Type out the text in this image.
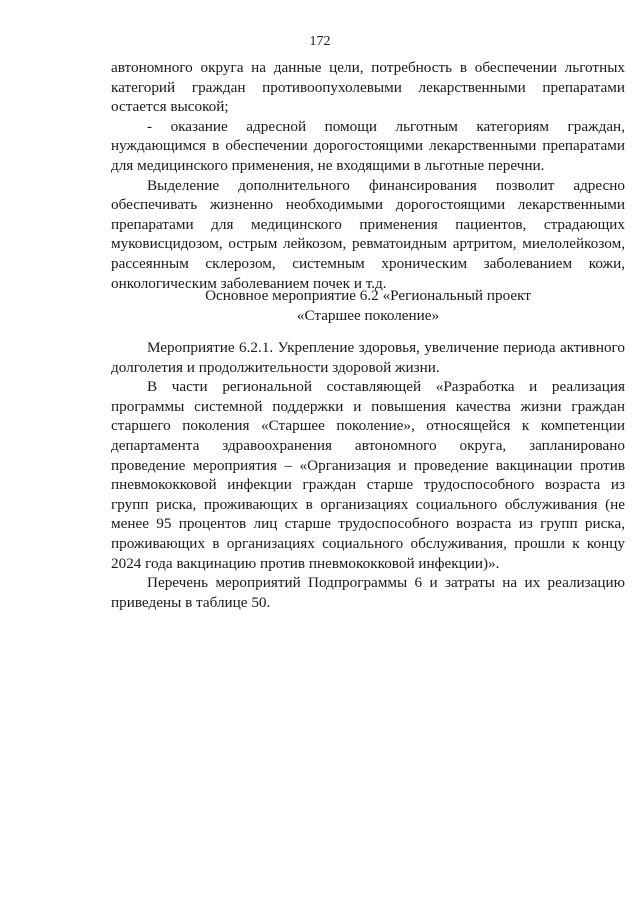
172

автономного округа на данные цели, потребность в обеспечении льготных категорий граждан противоопухолевыми лекарственными препаратами остается высокой;

- оказание адресной помощи льготным категориям граждан, нуждающимся в обеспечении дорогостоящими лекарственными препаратами для медицинского применения, не входящими в льготные перечни.

Выделение дополнительного финансирования позволит адресно обеспечивать жизненно необходимыми дорогостоящими лекарственными препаратами для медицинского применения пациентов, страдающих муковисцидозом, острым лейкозом, ревматоидным артритом, миелолейкозом, рассеянным склерозом, системным хроническим заболеванием кожи, онкологическим заболеванием почек и т.д.

Основное мероприятие 6.2 «Региональный проект
«Старшее поколение»

Мероприятие 6.2.1. Укрепление здоровья, увеличение периода активного долголетия и продолжительности здоровой жизни.

В части региональной составляющей «Разработка и реализация программы системной поддержки и повышения качества жизни граждан старшего поколения «Старшее поколение», относящейся к компетенции департамента здравоохранения автономного округа, запланировано проведение мероприятия – «Организация и проведение вакцинации против пневмококковой инфекции граждан старше трудоспособного возраста из групп риска, проживающих в организациях социального обслуживания (не менее 95 процентов лиц старше трудоспособного возраста из групп риска, проживающих в организациях социального обслуживания, прошли к концу 2024 года вакцинацию против пневмококковой инфекции)».

Перечень мероприятий Подпрограммы 6 и затраты на их реализацию приведены в таблице 50.
